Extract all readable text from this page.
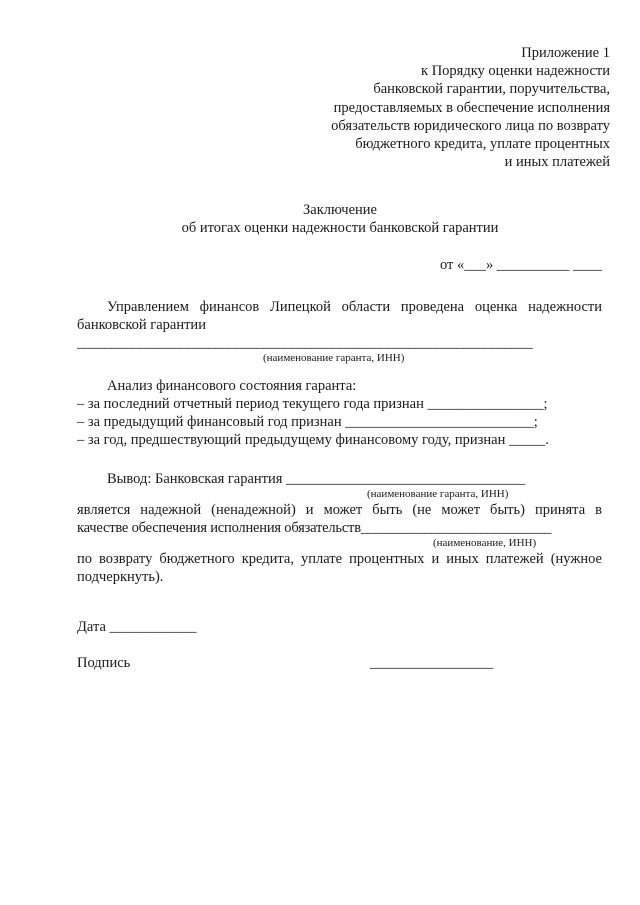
Приложение 1
к Порядку оценки надежности
банковской гарантии, поручительства,
предоставляемых в обеспечение исполнения
обязательств юридического лица по возврату
бюджетного кредита, уплате процентных
и иных платежей
Заключение
об итогах оценки надежности банковской гарантии
от «___» __________ ____
Управлением финансов Липецкой области проведена оценка надежности
банковской гарантии
__________________________________________________________________
(наименование гаранта, ИНН)
Анализ финансового состояния гаранта:
– за последний отчетный период текущего года признан ________________;
– за предыдущий финансовый год признан __________________________;
– за год, предшествующий предыдущему финансовому году, признан _____.
Вывод: Банковская гарантия _________________________________
(наименование гаранта, ИНН)
является надежной (ненадежной) и может быть (не может быть) принята в
качестве обеспечения исполнения обязательств___________________________
(наименование, ИНН)
по возврату бюджетного кредита, уплате процентных и иных платежей (нужное
подчеркнуть).
Дата ____________
Подпись	_________________
